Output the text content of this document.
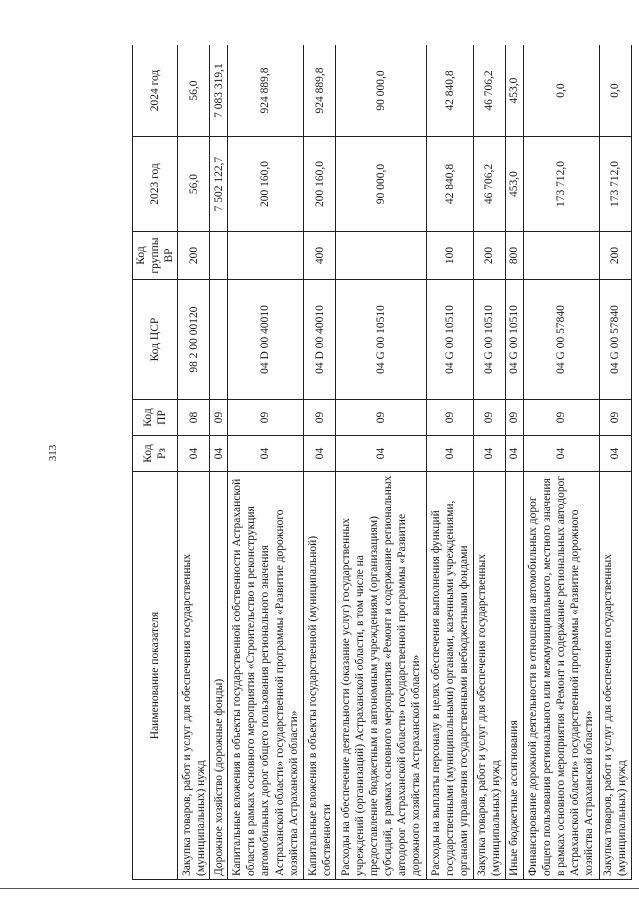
313
Наименование показателя	Код Рз	Код ПР	Код ЦСР	Код группы ВР	2023 год	2024 год
Закупка товаров, работ и услуг для обеспечения государственных (муниципальных) нужд	04	08	98 2 00 00120	200	56,0	56,0
Дорожное хозяйство (дорожные фонды)	04	09			7 502 122,7	7 083 319,1
Капитальные вложения в объекты государственной собственности Астраханской области в рамках основного мероприятия «Строительство и реконструкция автомобильных дорог общего пользования регионального значения Астраханской области» государственной программы «Развитие дорожного хозяйства Астраханской области»	04	09	04 D 00 40010		200 160,0	924 889,8
Капитальные вложения в объекты государственной (муниципальной) собственности	04	09	04 D 00 40010	400	200 160,0	924 889,8
Расходы на обеспечение деятельности (оказание услуг) государственных учреждений (организаций) Астраханской области, в том числе на предоставление бюджетным и автономным учреждениям (организациям) субсидий, в рамках основного мероприятия «Ремонт и содержание региональных автодорог Астраханской области» государственной программы «Развитие дорожного хозяйства Астраханской области»	04	09	04 G 00 10510		90 000,0	90 000,0
Расходы на выплаты персоналу в целях обеспечения выполнения функций государственными (муниципальными) органами, казенными учреждениями, органами управления государственными внебюджетными фондами	04	09	04 G 00 10510	100	42 840,8	42 840,8
Закупка товаров, работ и услуг для обеспечения государственных (муниципальных) нужд	04	09	04 G 00 10510	200	46 706,2	46 706,2
Иные бюджетные ассигнования	04	09	04 G 00 10510	800	453,0	453,0
Финансирование дорожной деятельности в отношении автомобильных дорог общего пользования регионального или межмуниципального, местного значения в рамках основного мероприятия «Ремонт и содержание региональных автодорог Астраханской области» государственной программы «Развитие дорожного хозяйства Астраханской области»	04	09	04 G 00 57840		173 712,0	0,0
Закупка товаров, работ и услуг для обеспечения государственных (муниципальных) нужд	04	09	04 G 00 57840	200	173 712,0	0,0
